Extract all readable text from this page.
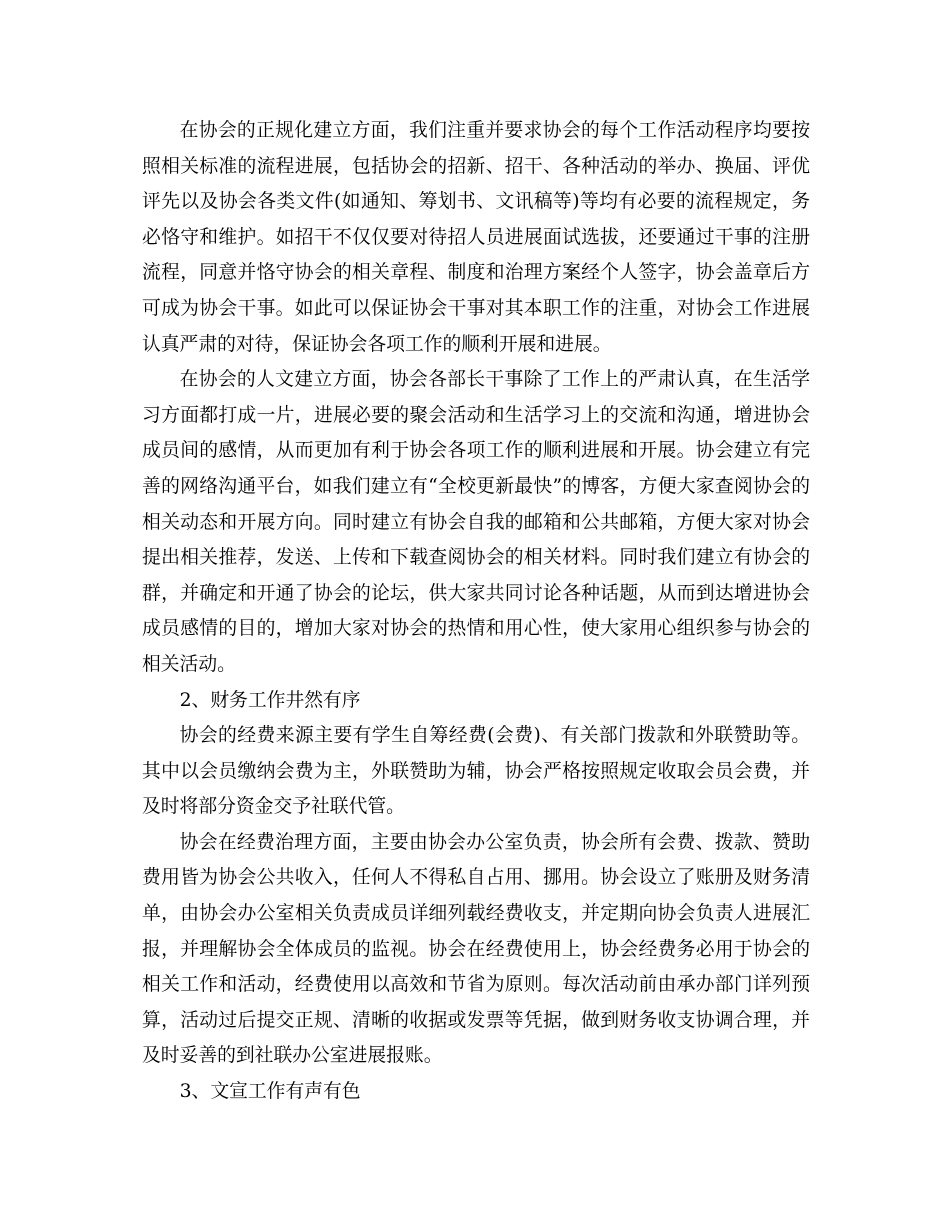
在协会的正规化建立方面，我们注重并要求协会的每个工作活动程序均要按照相关标准的流程进展，包括协会的招新、招干、各种活动的举办、换届、评优评先以及协会各类文件(如通知、筹划书、文讯稿等)等均有必要的流程规定，务必恪守和维护。如招干不仅仅要对待招人员进展面试选拔，还要通过干事的注册流程，同意并恪守协会的相关章程、制度和治理方案经个人签字，协会盖章后方可成为协会干事。如此可以保证协会干事对其本职工作的注重，对协会工作进展认真严肃的对待，保证协会各项工作的顺利开展和进展。

在协会的人文建立方面，协会各部长干事除了工作上的严肃认真，在生活学习方面都打成一片，进展必要的聚会活动和生活学习上的交流和沟通，增进协会成员间的感情，从而更加有利于协会各项工作的顺利进展和开展。协会建立有完善的网络沟通平台，如我们建立有“全校更新最快”的博客，方便大家查阅协会的相关动态和开展方向。同时建立有协会自我的邮箱和公共邮箱，方便大家对协会提出相关推荐，发送、上传和下载查阅协会的相关材料。同时我们建立有协会的群，并确定和开通了协会的论坛，供大家共同讨论各种话题，从而到达增进协会成员感情的目的，增加大家对协会的热情和用心性，使大家用心组织参与协会的相关活动。

2、财务工作井然有序

协会的经费来源主要有学生自筹经费(会费)、有关部门拨款和外联赞助等。其中以会员缴纳会费为主，外联赞助为辅，协会严格按照规定收取会员会费，并及时将部分资金交予社联代管。

协会在经费治理方面，主要由协会办公室负责，协会所有会费、拨款、赞助费用皆为协会公共收入，任何人不得私自占用、挪用。协会设立了账册及财务清单，由协会办公室相关负责成员详细列载经费收支，并定期向协会负责人进展汇报，并理解协会全体成员的监视。协会在经费使用上，协会经费务必用于协会的相关工作和活动，经费使用以高效和节省为原则。每次活动前由承办部门详列预算，活动过后提交正规、清晰的收据或发票等凭据，做到财务收支协调合理，并及时妥善的到社联办公室进展报账。

3、文宣工作有声有色
